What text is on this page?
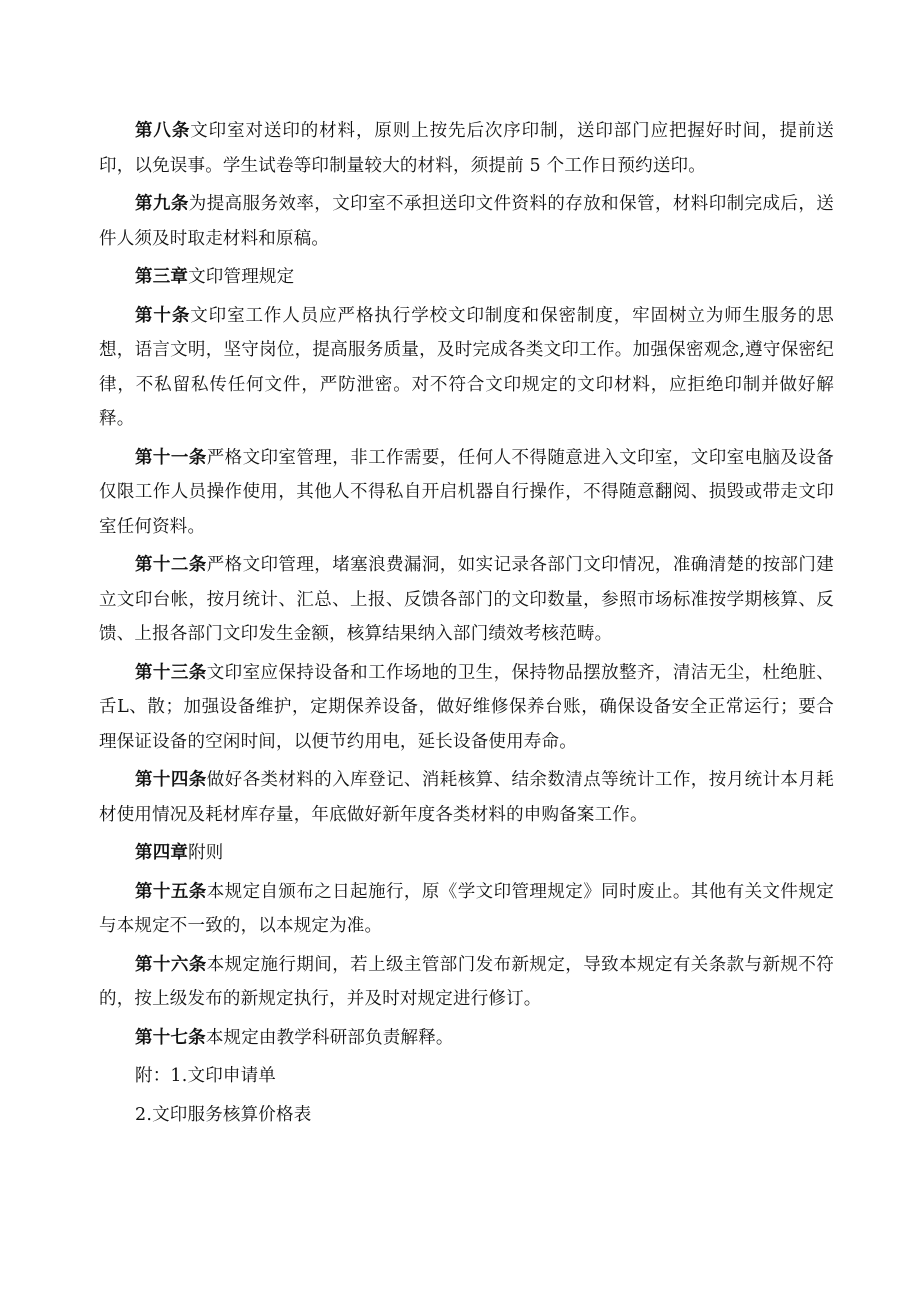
第八条文印室对送印的材料，原则上按先后次序印制，送印部门应把握好时间，提前送印，以免误事。学生试卷等印制量较大的材料，须提前 5 个工作日预约送印。

第九条为提高服务效率，文印室不承担送印文件资料的存放和保管，材料印制完成后，送件人须及时取走材料和原稿。

第三章文印管理规定

第十条文印室工作人员应严格执行学校文印制度和保密制度，牢固树立为师生服务的思想，语言文明，坚守岗位，提高服务质量，及时完成各类文印工作。加强保密观念,遵守保密纪律，不私留私传任何文件，严防泄密。对不符合文印规定的文印材料，应拒绝印制并做好解释。

第十一条严格文印室管理，非工作需要，任何人不得随意进入文印室，文印室电脑及设备仅限工作人员操作使用，其他人不得私自开启机器自行操作，不得随意翻阅、损毁或带走文印室任何资料。

第十二条严格文印管理，堵塞浪费漏洞，如实记录各部门文印情况，准确清楚的按部门建立文印台帐，按月统计、汇总、上报、反馈各部门的文印数量，参照市场标准按学期核算、反馈、上报各部门文印发生金额，核算结果纳入部门绩效考核范畴。

第十三条文印室应保持设备和工作场地的卫生，保持物品摆放整齐，清洁无尘，杜绝脏、舌L、散；加强设备维护，定期保养设备，做好维修保养台账，确保设备安全正常运行；要合理保证设备的空闲时间，以便节约用电，延长设备使用寿命。

第十四条做好各类材料的入库登记、消耗核算、结余数清点等统计工作，按月统计本月耗材使用情况及耗材库存量，年底做好新年度各类材料的申购备案工作。

第四章附则

第十五条本规定自颁布之日起施行，原《学文印管理规定》同时废止。其他有关文件规定与本规定不一致的，以本规定为准。

第十六条本规定施行期间，若上级主管部门发布新规定，导致本规定有关条款与新规不符的，按上级发布的新规定执行，并及时对规定进行修订。

第十七条本规定由教学科研部负责解释。

附：1.文印申请单

2.文印服务核算价格表
